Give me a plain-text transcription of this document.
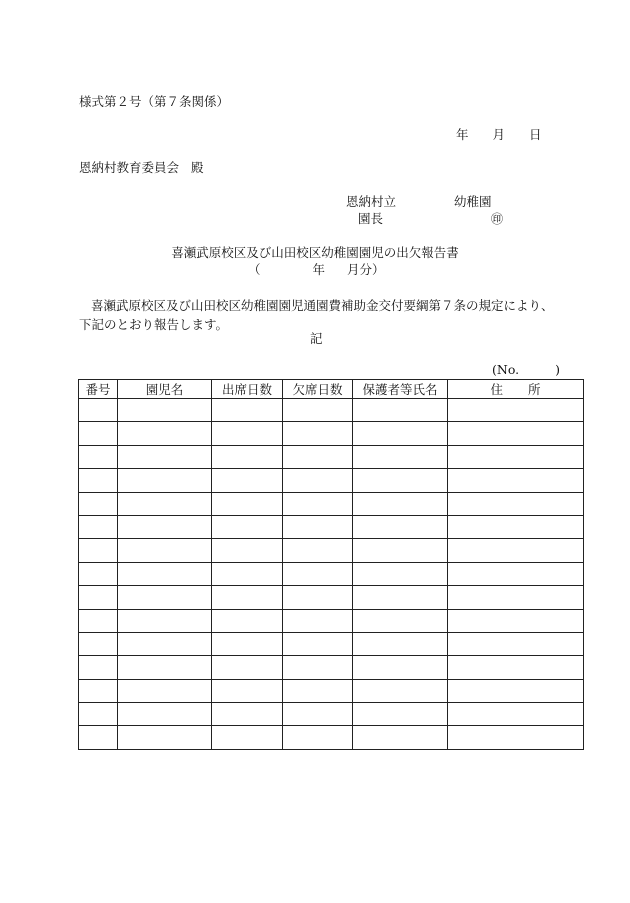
様式第２号（第７条関係）
年 月 日
恩納村教育委員会 殿
恩納村立	幼稚園
園長	㊞
喜瀬武原校区及び山田校区幼稚園園児の出欠報告書
（	年 月分）
喜瀬武原校区及び山田校区幼稚園園児通園費補助金交付要綱第７条の規定により、下記のとおり報告します。
記
(No.	)
番号	園児名	出席日数	欠席日数	保護者等氏名	住　　所
